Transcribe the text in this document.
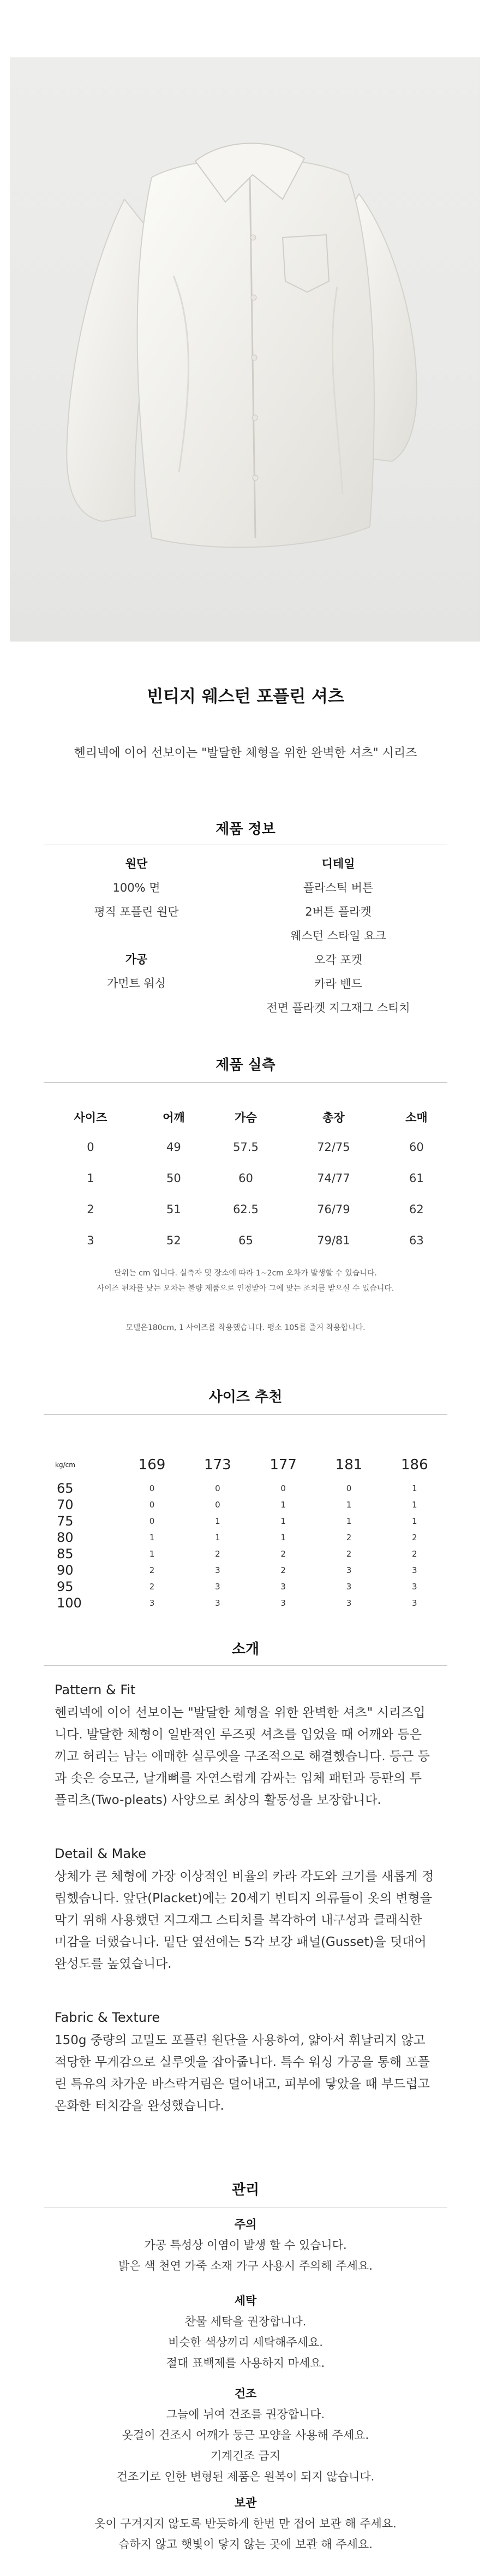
빈티지 웨스턴 포플린 셔츠
헨리넥에 이어 선보이는 "발달한 체형을 위한 완벽한 셔츠" 시리즈
제품 정보
원단
100% 면
평직 포플린 원단
가공
가먼트 워싱
디테일
플라스틱 버튼
2버튼 플라켓
웨스턴 스타일 요크
오각 포켓
카라 밴드
전면 플라켓 지그재그 스티치
제품 실측
사이즈	어깨	가슴	총장	소매
0	49	57.5	72/75	60
1	50	60	74/77	61
2	51	62.5	76/79	62
3	52	65	79/81	63
단위는 cm 입니다. 실측자 및 장소에 따라 1~2cm 오차가 발생할 수 있습니다.
사이즈 편차를 낮는 오차는 불량 제품으로 인정받아 그에 맞는 조치를 받으실 수 있습니다.
모델은180cm, 1 사이즈를 착용했습니다. 평소 105를 즐겨 착용합니다.
사이즈 추천
kg/cm	169	173	177	181	186
65	0	0	0	0	1
70	0	0	1	1	1
75	0	1	1	1	1
80	1	1	1	2	2
85	1	2	2	2	2
90	2	3	2	3	3
95	2	3	3	3	3
100	3	3	3	3	3
소개
Pattern & Fit
헨리넥에 이어 선보이는 "발달한 체형을 위한 완벽한 셔츠" 시리즈입니다. 발달한 체형이 일반적인 루즈핏 셔츠를 입었을 때 어깨와 등은 끼고 허리는 남는 애매한 실루엣을 구조적으로 해결했습니다. 등근 등과 솟은 승모근, 날개뼈를 자연스럽게 감싸는 입체 패턴과 등판의 투 플리츠(Two-pleats) 사양으로 최상의 활동성을 보장합니다.
Detail & Make
상체가 큰 체형에 가장 이상적인 비율의 카라 각도와 크기를 새롭게 정립했습니다. 앞단(Placket)에는 20세기 빈티지 의류들이 옷의 변형을 막기 위해 사용했던 지그재그 스티치를 복각하여 내구성과 클래식한 미감을 더했습니다. 밑단 옆선에는 5각 보강 패널(Gusset)을 덧대어 완성도를 높였습니다.
Fabric & Texture
150g 중량의 고밀도 포플린 원단을 사용하여, 얇아서 휘날리지 않고 적당한 무게감으로 실루엣을 잡아줍니다. 특수 워싱 가공을 통해 포플린 특유의 차가운 바스락거림은 덜어내고, 피부에 닿았을 때 부드럽고 온화한 터치감을 완성했습니다.
관리
주의
가공 특성상 이염이 발생 할 수 있습니다.
밝은 색 천연 가죽 소재 가구 사용시 주의해 주세요.
세탁
찬물 세탁을 권장합니다.
비슷한 색상끼리 세탁해주세요.
절대 표백제를 사용하지 마세요.
건조
그늘에 뉘여 건조를 권장합니다.
옷걸이 건조시 어깨가 둥근 모양을 사용해 주세요.
기계건조 금지
건조기로 인한 변형된 제품은 원복이 되지 않습니다.
보관
옷이 구겨지지 않도록 반듯하게 한번 만 접어 보관 해 주세요.
습하지 않고 햇빛이 닿지 않는 곳에 보관 해 주세요.
